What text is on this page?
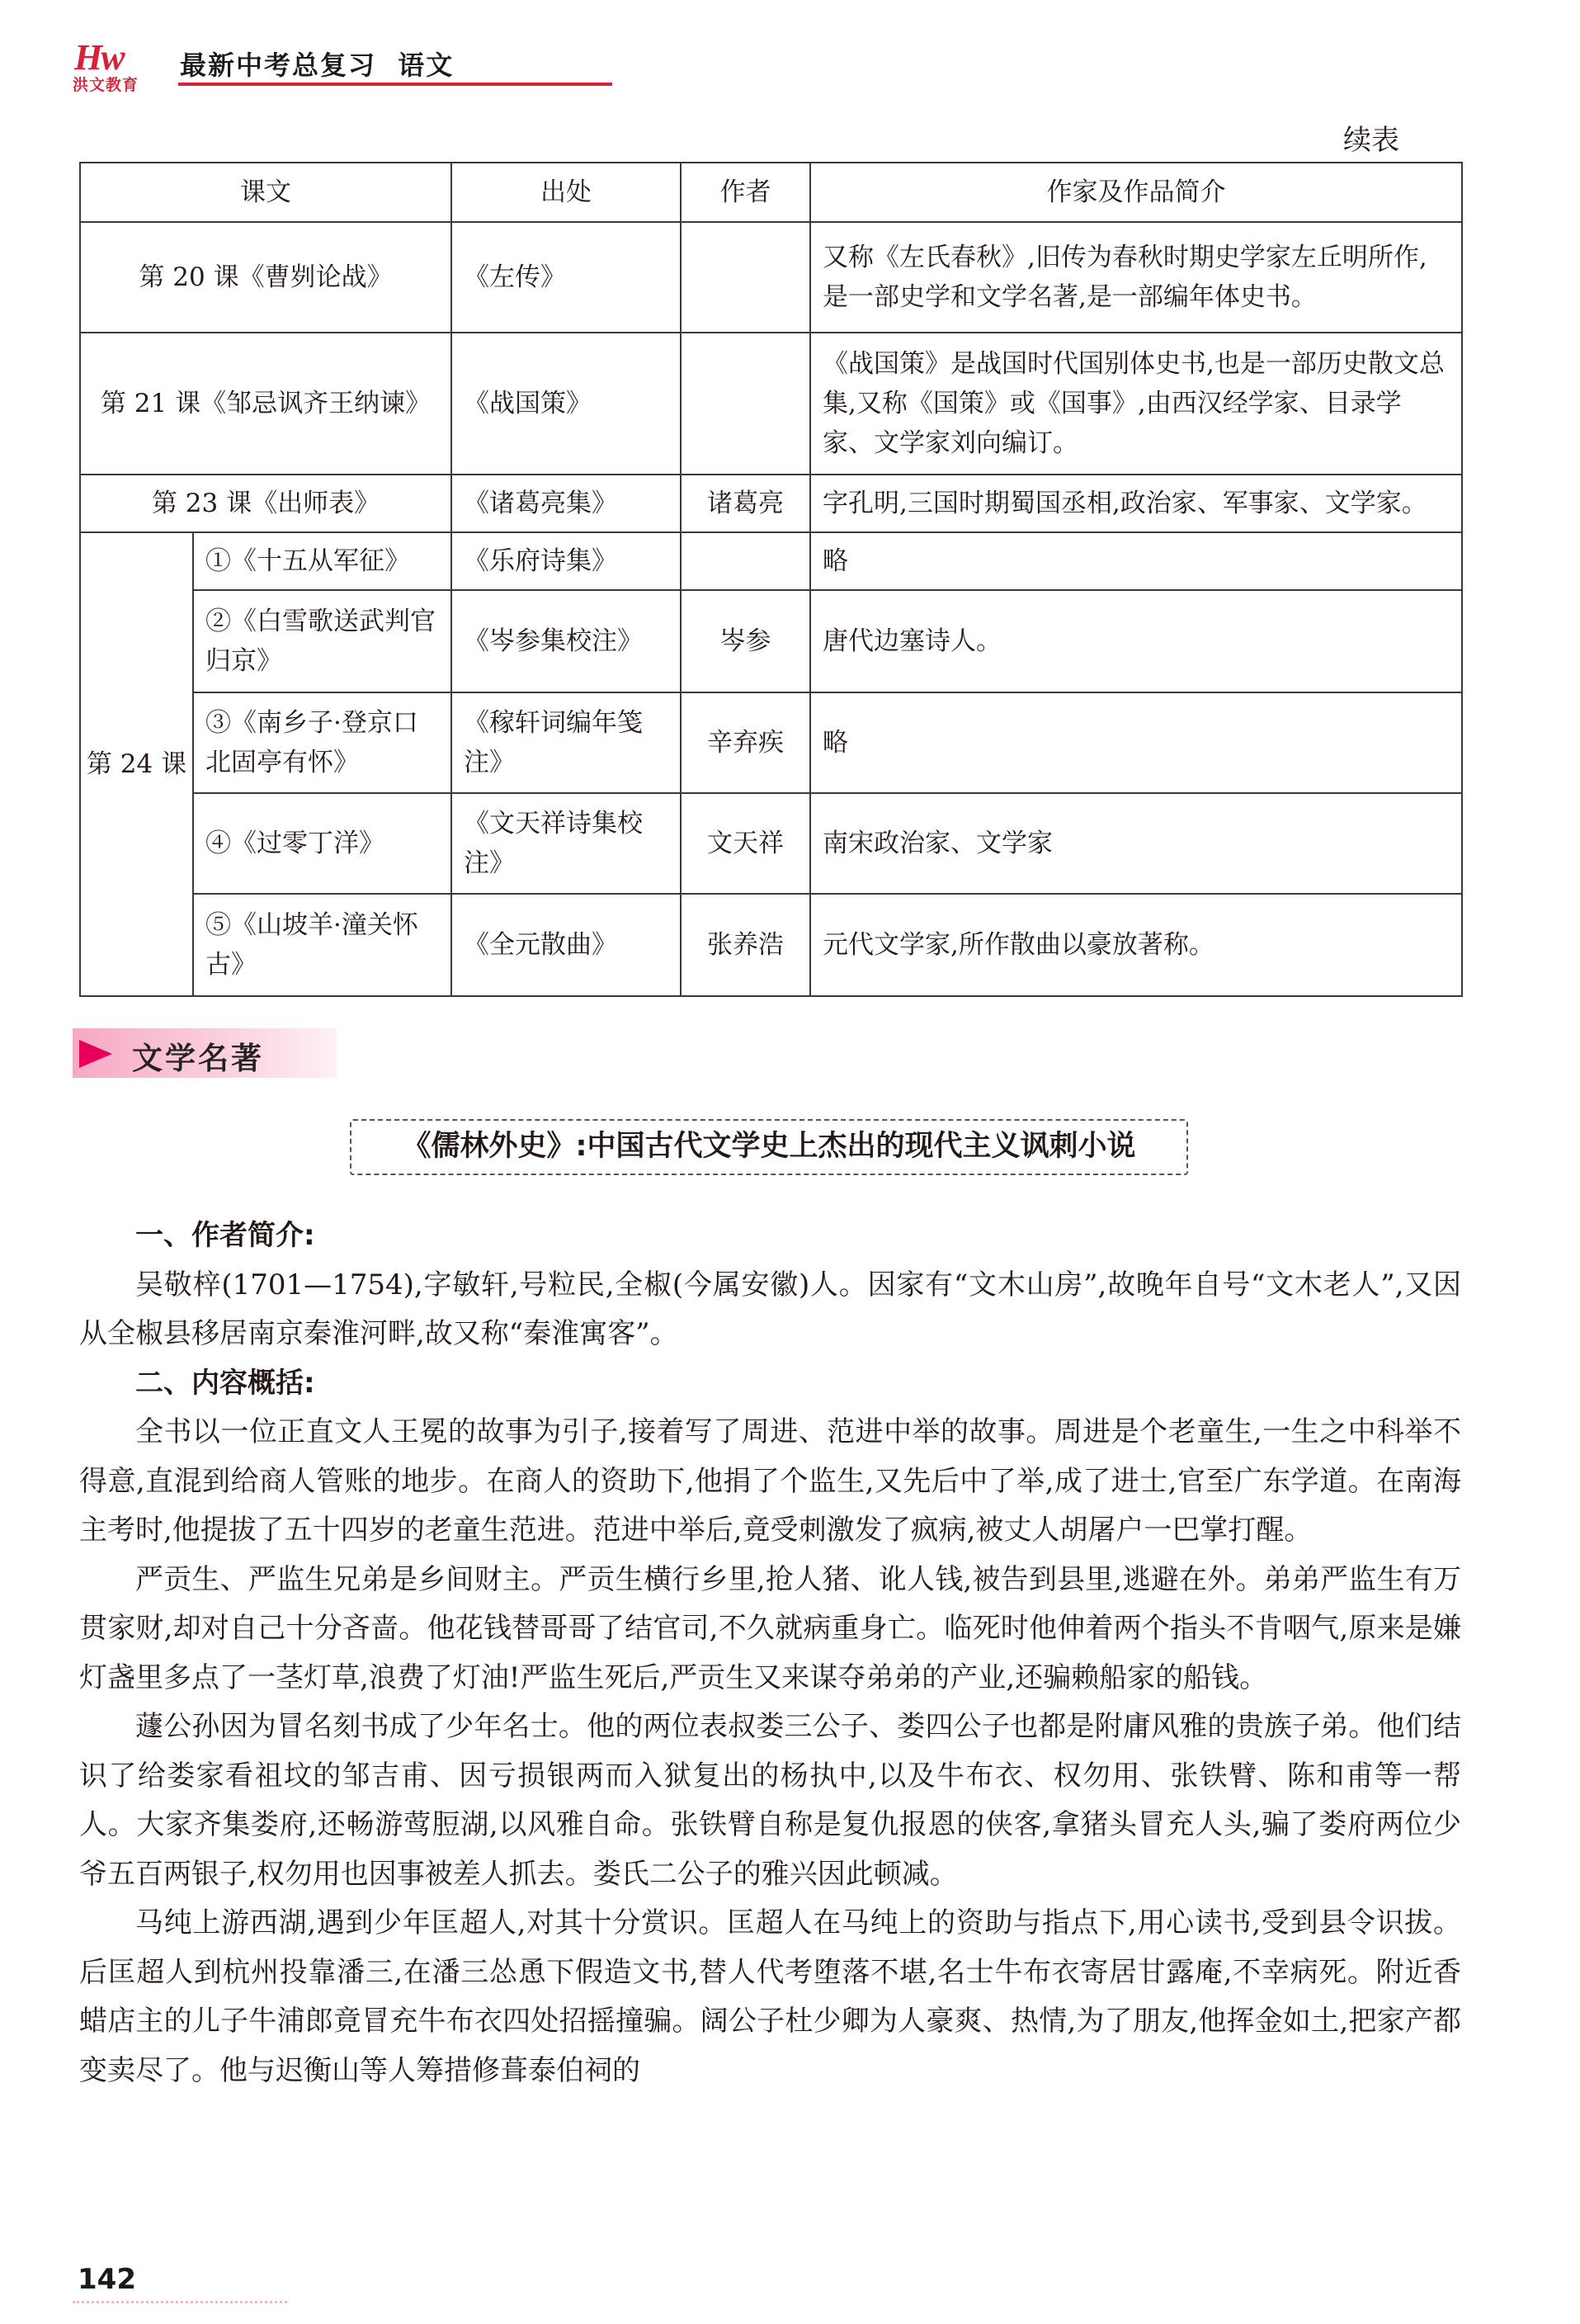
Hw
洪文教育
最新中考总复习 语文
续表
课文		出处	作者	作家及作品简介
第 20 课《曹刿论战》		《左传》		又称《左氏春秋》,旧传为春秋时期史学家左丘明所作,是一部史学和文学名著,是一部编年体史书。
第 21 课《邹忌讽齐王纳谏》		《战国策》		《战国策》是战国时代国别体史书,也是一部历史散文总集,又称《国策》或《国事》,由西汉经学家、目录学家、文学家刘向编订。
第 23 课《出师表》		《诸葛亮集》	诸葛亮	字孔明,三国时期蜀国丞相,政治家、军事家、文学家。
第 24 课	①《十五从军征》	《乐府诗集》		略
	②《白雪歌送武判官归京》	《岑参集校注》	岑参	唐代边塞诗人。
	③《南乡子·登京口北固亭有怀》	《稼轩词编年笺注》	辛弃疾	略
	④《过零丁洋》	《文天祥诗集校注》	文天祥	南宋政治家、文学家
	⑤《山坡羊·潼关怀古》	《全元散曲》	张养浩	元代文学家,所作散曲以豪放著称。
文学名著
《儒林外史》:中国古代文学史上杰出的现代主义讽刺小说
一、作者简介:

吴敬梓(1701—1754),字敏轩,号粒民,全椒(今属安徽)人。因家有“文木山房”,故晚年自号“文木老人”,又因从全椒县移居南京秦淮河畔,故又称“秦淮寓客”。

二、内容概括:

全书以一位正直文人王冕的故事为引子,接着写了周进、范进中举的故事。周进是个老童生,一生之中科举不得意,直混到给商人管账的地步。在商人的资助下,他捐了个监生,又先后中了举,成了进士,官至广东学道。在南海主考时,他提拔了五十四岁的老童生范进。范进中举后,竟受刺激发了疯病,被丈人胡屠户一巴掌打醒。

严贡生、严监生兄弟是乡间财主。严贡生横行乡里,抢人猪、讹人钱,被告到县里,逃避在外。弟弟严监生有万贯家财,却对自己十分吝啬。他花钱替哥哥了结官司,不久就病重身亡。临死时他伸着两个指头不肯咽气,原来是嫌灯盏里多点了一茎灯草,浪费了灯油!严监生死后,严贡生又来谋夺弟弟的产业,还骗赖船家的船钱。

蘧公孙因为冒名刻书成了少年名士。他的两位表叔娄三公子、娄四公子也都是附庸风雅的贵族子弟。他们结识了给娄家看祖坟的邹吉甫、因亏损银两而入狱复出的杨执中,以及牛布衣、权勿用、张铁臂、陈和甫等一帮人。大家齐集娄府,还畅游莺脰湖,以风雅自命。张铁臂自称是复仇报恩的侠客,拿猪头冒充人头,骗了娄府两位少爷五百两银子,权勿用也因事被差人抓去。娄氏二公子的雅兴因此顿减。

马纯上游西湖,遇到少年匡超人,对其十分赏识。匡超人在马纯上的资助与指点下,用心读书,受到县令识拔。后匡超人到杭州投靠潘三,在潘三怂恿下假造文书,替人代考堕落不堪,名士牛布衣寄居甘露庵,不幸病死。附近香蜡店主的儿子牛浦郎竟冒充牛布衣四处招摇撞骗。阔公子杜少卿为人豪爽、热情,为了朋友,他挥金如土,把家产都变卖尽了。他与迟衡山等人筹措修葺泰伯祠的

142
